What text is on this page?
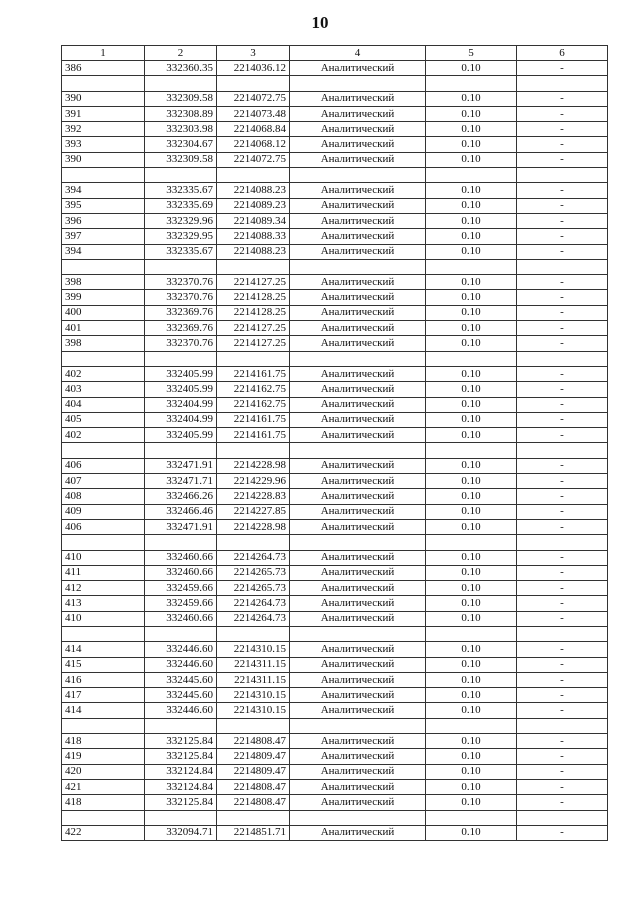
10
1	2	3	4	5	6
386	332360.35	2214036.12	Аналитический	0.10	-

390	332309.58	2214072.75	Аналитический	0.10	-
391	332308.89	2214073.48	Аналитический	0.10	-
392	332303.98	2214068.84	Аналитический	0.10	-
393	332304.67	2214068.12	Аналитический	0.10	-
390	332309.58	2214072.75	Аналитический	0.10	-

394	332335.67	2214088.23	Аналитический	0.10	-
395	332335.69	2214089.23	Аналитический	0.10	-
396	332329.96	2214089.34	Аналитический	0.10	-
397	332329.95	2214088.33	Аналитический	0.10	-
394	332335.67	2214088.23	Аналитический	0.10	-

398	332370.76	2214127.25	Аналитический	0.10	-
399	332370.76	2214128.25	Аналитический	0.10	-
400	332369.76	2214128.25	Аналитический	0.10	-
401	332369.76	2214127.25	Аналитический	0.10	-
398	332370.76	2214127.25	Аналитический	0.10	-

402	332405.99	2214161.75	Аналитический	0.10	-
403	332405.99	2214162.75	Аналитический	0.10	-
404	332404.99	2214162.75	Аналитический	0.10	-
405	332404.99	2214161.75	Аналитический	0.10	-
402	332405.99	2214161.75	Аналитический	0.10	-

406	332471.91	2214228.98	Аналитический	0.10	-
407	332471.71	2214229.96	Аналитический	0.10	-
408	332466.26	2214228.83	Аналитический	0.10	-
409	332466.46	2214227.85	Аналитический	0.10	-
406	332471.91	2214228.98	Аналитический	0.10	-

410	332460.66	2214264.73	Аналитический	0.10	-
411	332460.66	2214265.73	Аналитический	0.10	-
412	332459.66	2214265.73	Аналитический	0.10	-
413	332459.66	2214264.73	Аналитический	0.10	-
410	332460.66	2214264.73	Аналитический	0.10	-

414	332446.60	2214310.15	Аналитический	0.10	-
415	332446.60	2214311.15	Аналитический	0.10	-
416	332445.60	2214311.15	Аналитический	0.10	-
417	332445.60	2214310.15	Аналитический	0.10	-
414	332446.60	2214310.15	Аналитический	0.10	-

418	332125.84	2214808.47	Аналитический	0.10	-
419	332125.84	2214809.47	Аналитический	0.10	-
420	332124.84	2214809.47	Аналитический	0.10	-
421	332124.84	2214808.47	Аналитический	0.10	-
418	332125.84	2214808.47	Аналитический	0.10	-

422	332094.71	2214851.71	Аналитический	0.10	-
